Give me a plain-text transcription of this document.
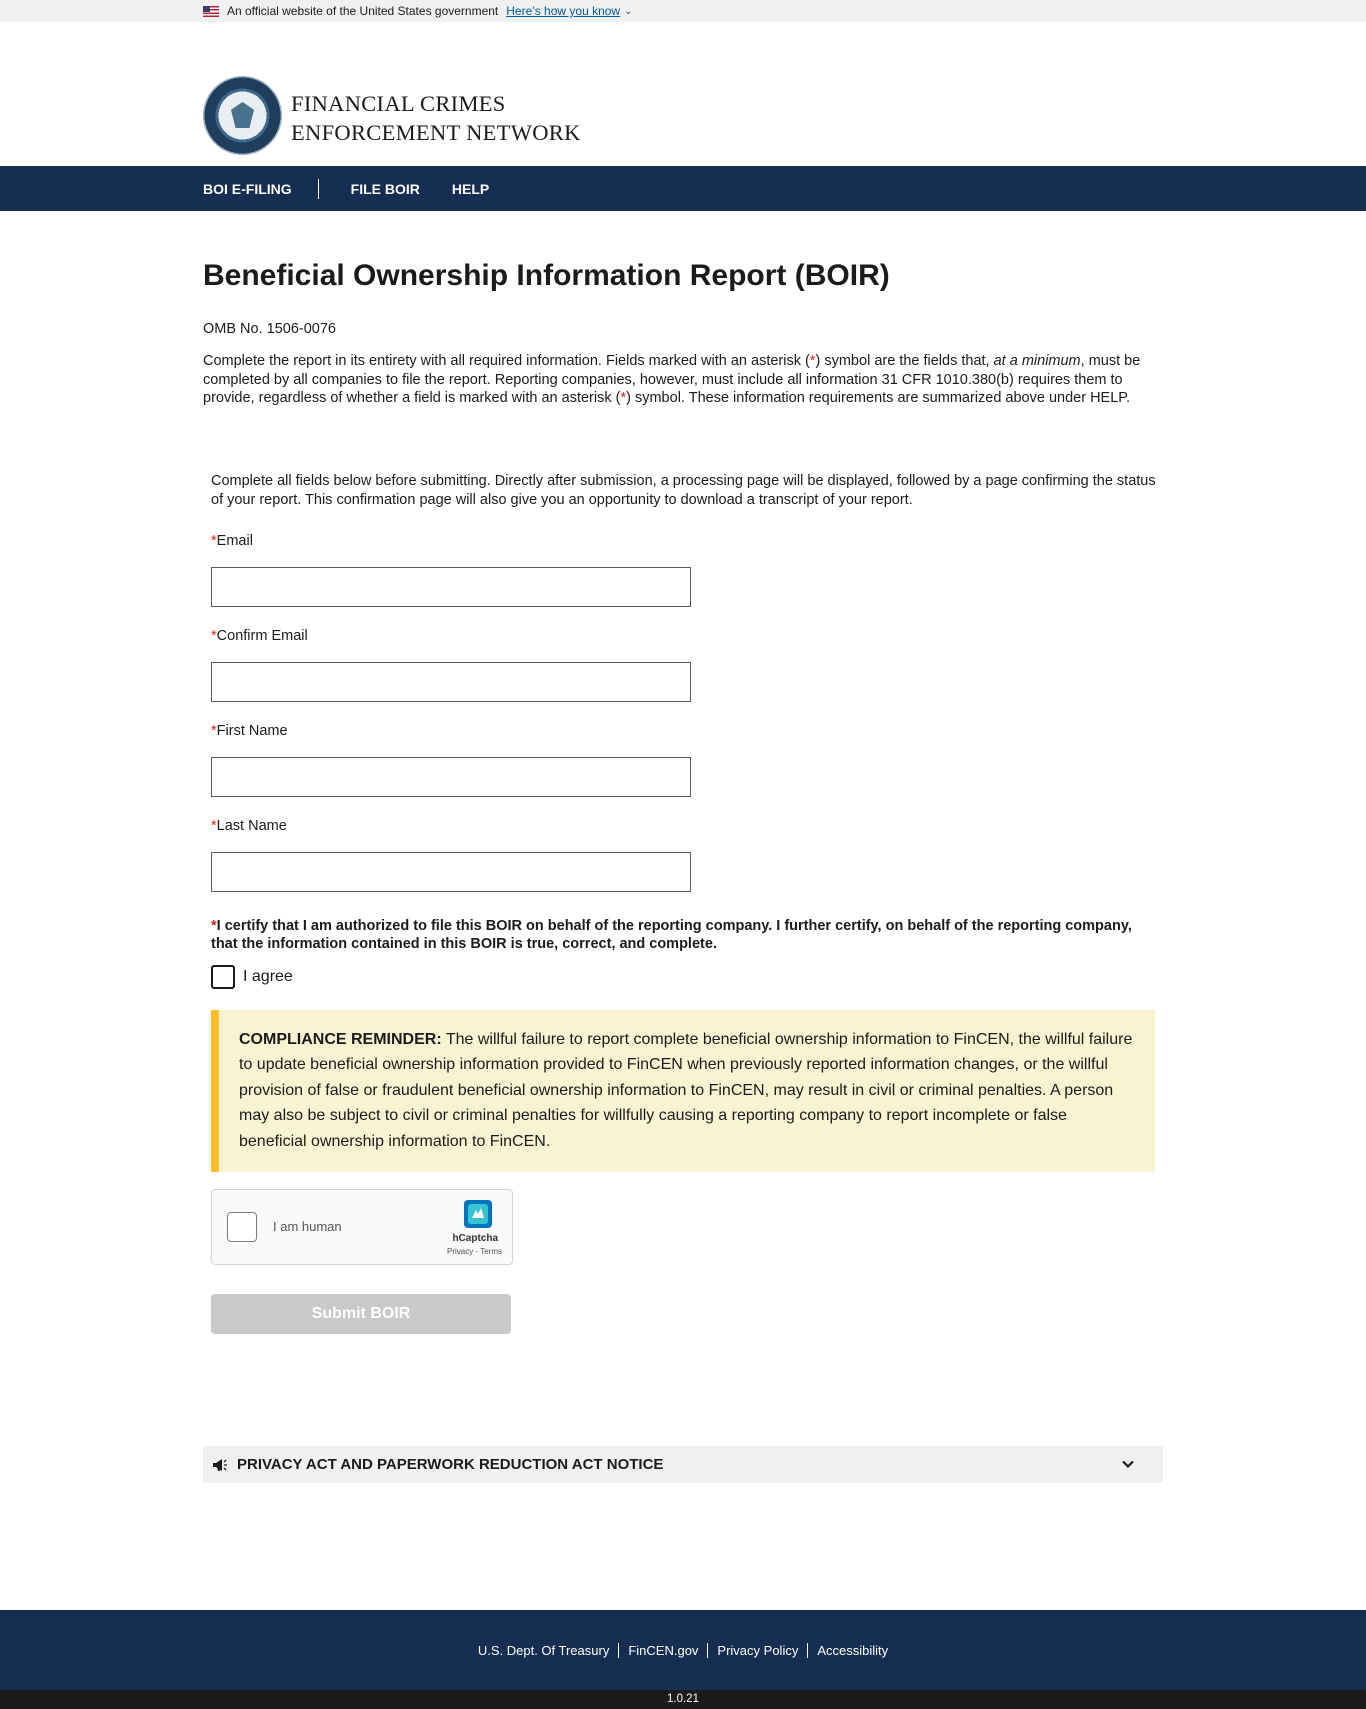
An official website of the United States government Here’s how you know ⌄
FINANCIAL CRIMES
ENFORCEMENT NETWORK
BOI E-FILING	FILE BOIR HELP
Beneficial Ownership Information Report (BOIR)
OMB No. 1506-0076
Complete the report in its entirety with all required information. Fields marked with an asterisk (*) symbol are the fields that, at a minimum, must be completed by all companies to file the report. Reporting companies, however, must include all information 31 CFR 1010.380(b) requires them to provide, regardless of whether a field is marked with an asterisk (*) symbol. These information requirements are summarized above under HELP.
Complete all fields below before submitting. Directly after submission, a processing page will be displayed, followed by a page confirming the status of your report. This confirmation page will also give you an opportunity to download a transcript of your report.
*Email
*Confirm Email
*First Name
*Last Name
*I certify that I am authorized to file this BOIR on behalf of the reporting company. I further certify, on behalf of the reporting company, that the information contained in this BOIR is true, correct, and complete.
I agree
COMPLIANCE REMINDER: The willful failure to report complete beneficial ownership information to FinCEN, the willful failure to update beneficial ownership information provided to FinCEN when previously reported information changes, or the willful provision of false or fraudulent beneficial ownership information to FinCEN, may result in civil or criminal penalties. A person may also be subject to civil or criminal penalties for willfully causing a reporting company to report incomplete or false beneficial ownership information to FinCEN.
I am human
hCaptcha
Privacy - Terms
Submit BOIR
PRIVACY ACT AND PAPERWORK REDUCTION ACT NOTICE
U.S. Dept. Of Treasury FinCEN.gov Privacy Policy Accessibility
1.0.21
